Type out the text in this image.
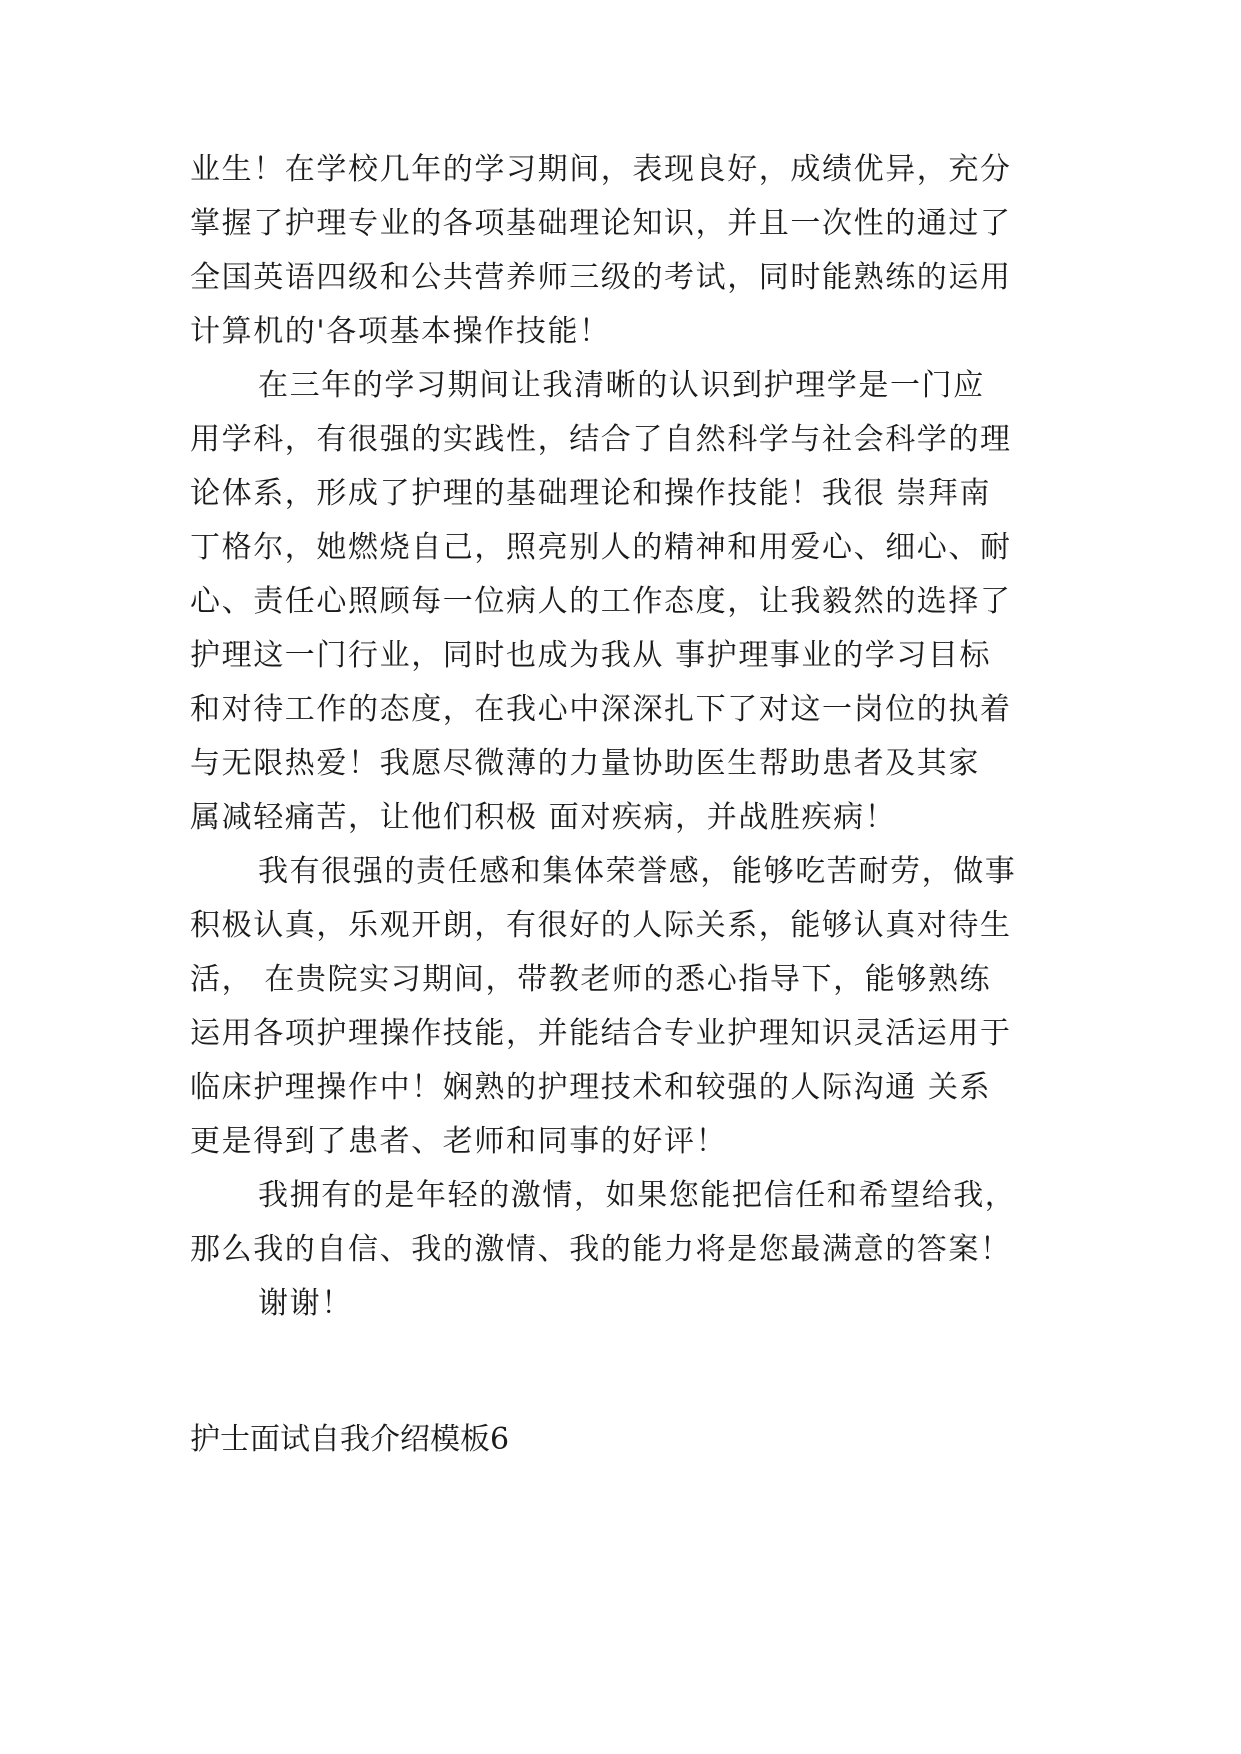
业生！在学校几年的学习期间，表现良好，成绩优异，充分
掌握了护理专业的各项基础理论知识，并且一次性的通过了
全国英语四级和公共营养师三级的考试，同时能熟练的运用
计算机的'各项基本操作技能！
在三年的学习期间让我清晰的认识到护理学是一门应
用学科，有很强的实践性，结合了自然科学与社会科学的理
论体系，形成了护理的基础理论和操作技能！我很 崇拜南
丁格尔，她燃烧自己，照亮别人的精神和用爱心、细心、耐
心、责任心照顾每一位病人的工作态度，让我毅然的选择了
护理这一门行业，同时也成为我从 事护理事业的学习目标
和对待工作的态度，在我心中深深扎下了对这一岗位的执着
与无限热爱！我愿尽微薄的力量协助医生帮助患者及其家
属减轻痛苦，让他们积极 面对疾病，并战胜疾病！
我有很强的责任感和集体荣誉感，能够吃苦耐劳，做事
积极认真，乐观开朗，有很好的人际关系，能够认真对待生
活， 在贵院实习期间，带教老师的悉心指导下，能够熟练
运用各项护理操作技能，并能结合专业护理知识灵活运用于
临床护理操作中！娴熟的护理技术和较强的人际沟通 关系
更是得到了患者、老师和同事的好评！
我拥有的是年轻的激情，如果您能把信任和希望给我，
那么我的自信、我的激情、我的能力将是您最满意的答案！
谢谢！
护士面试自我介绍模板6
